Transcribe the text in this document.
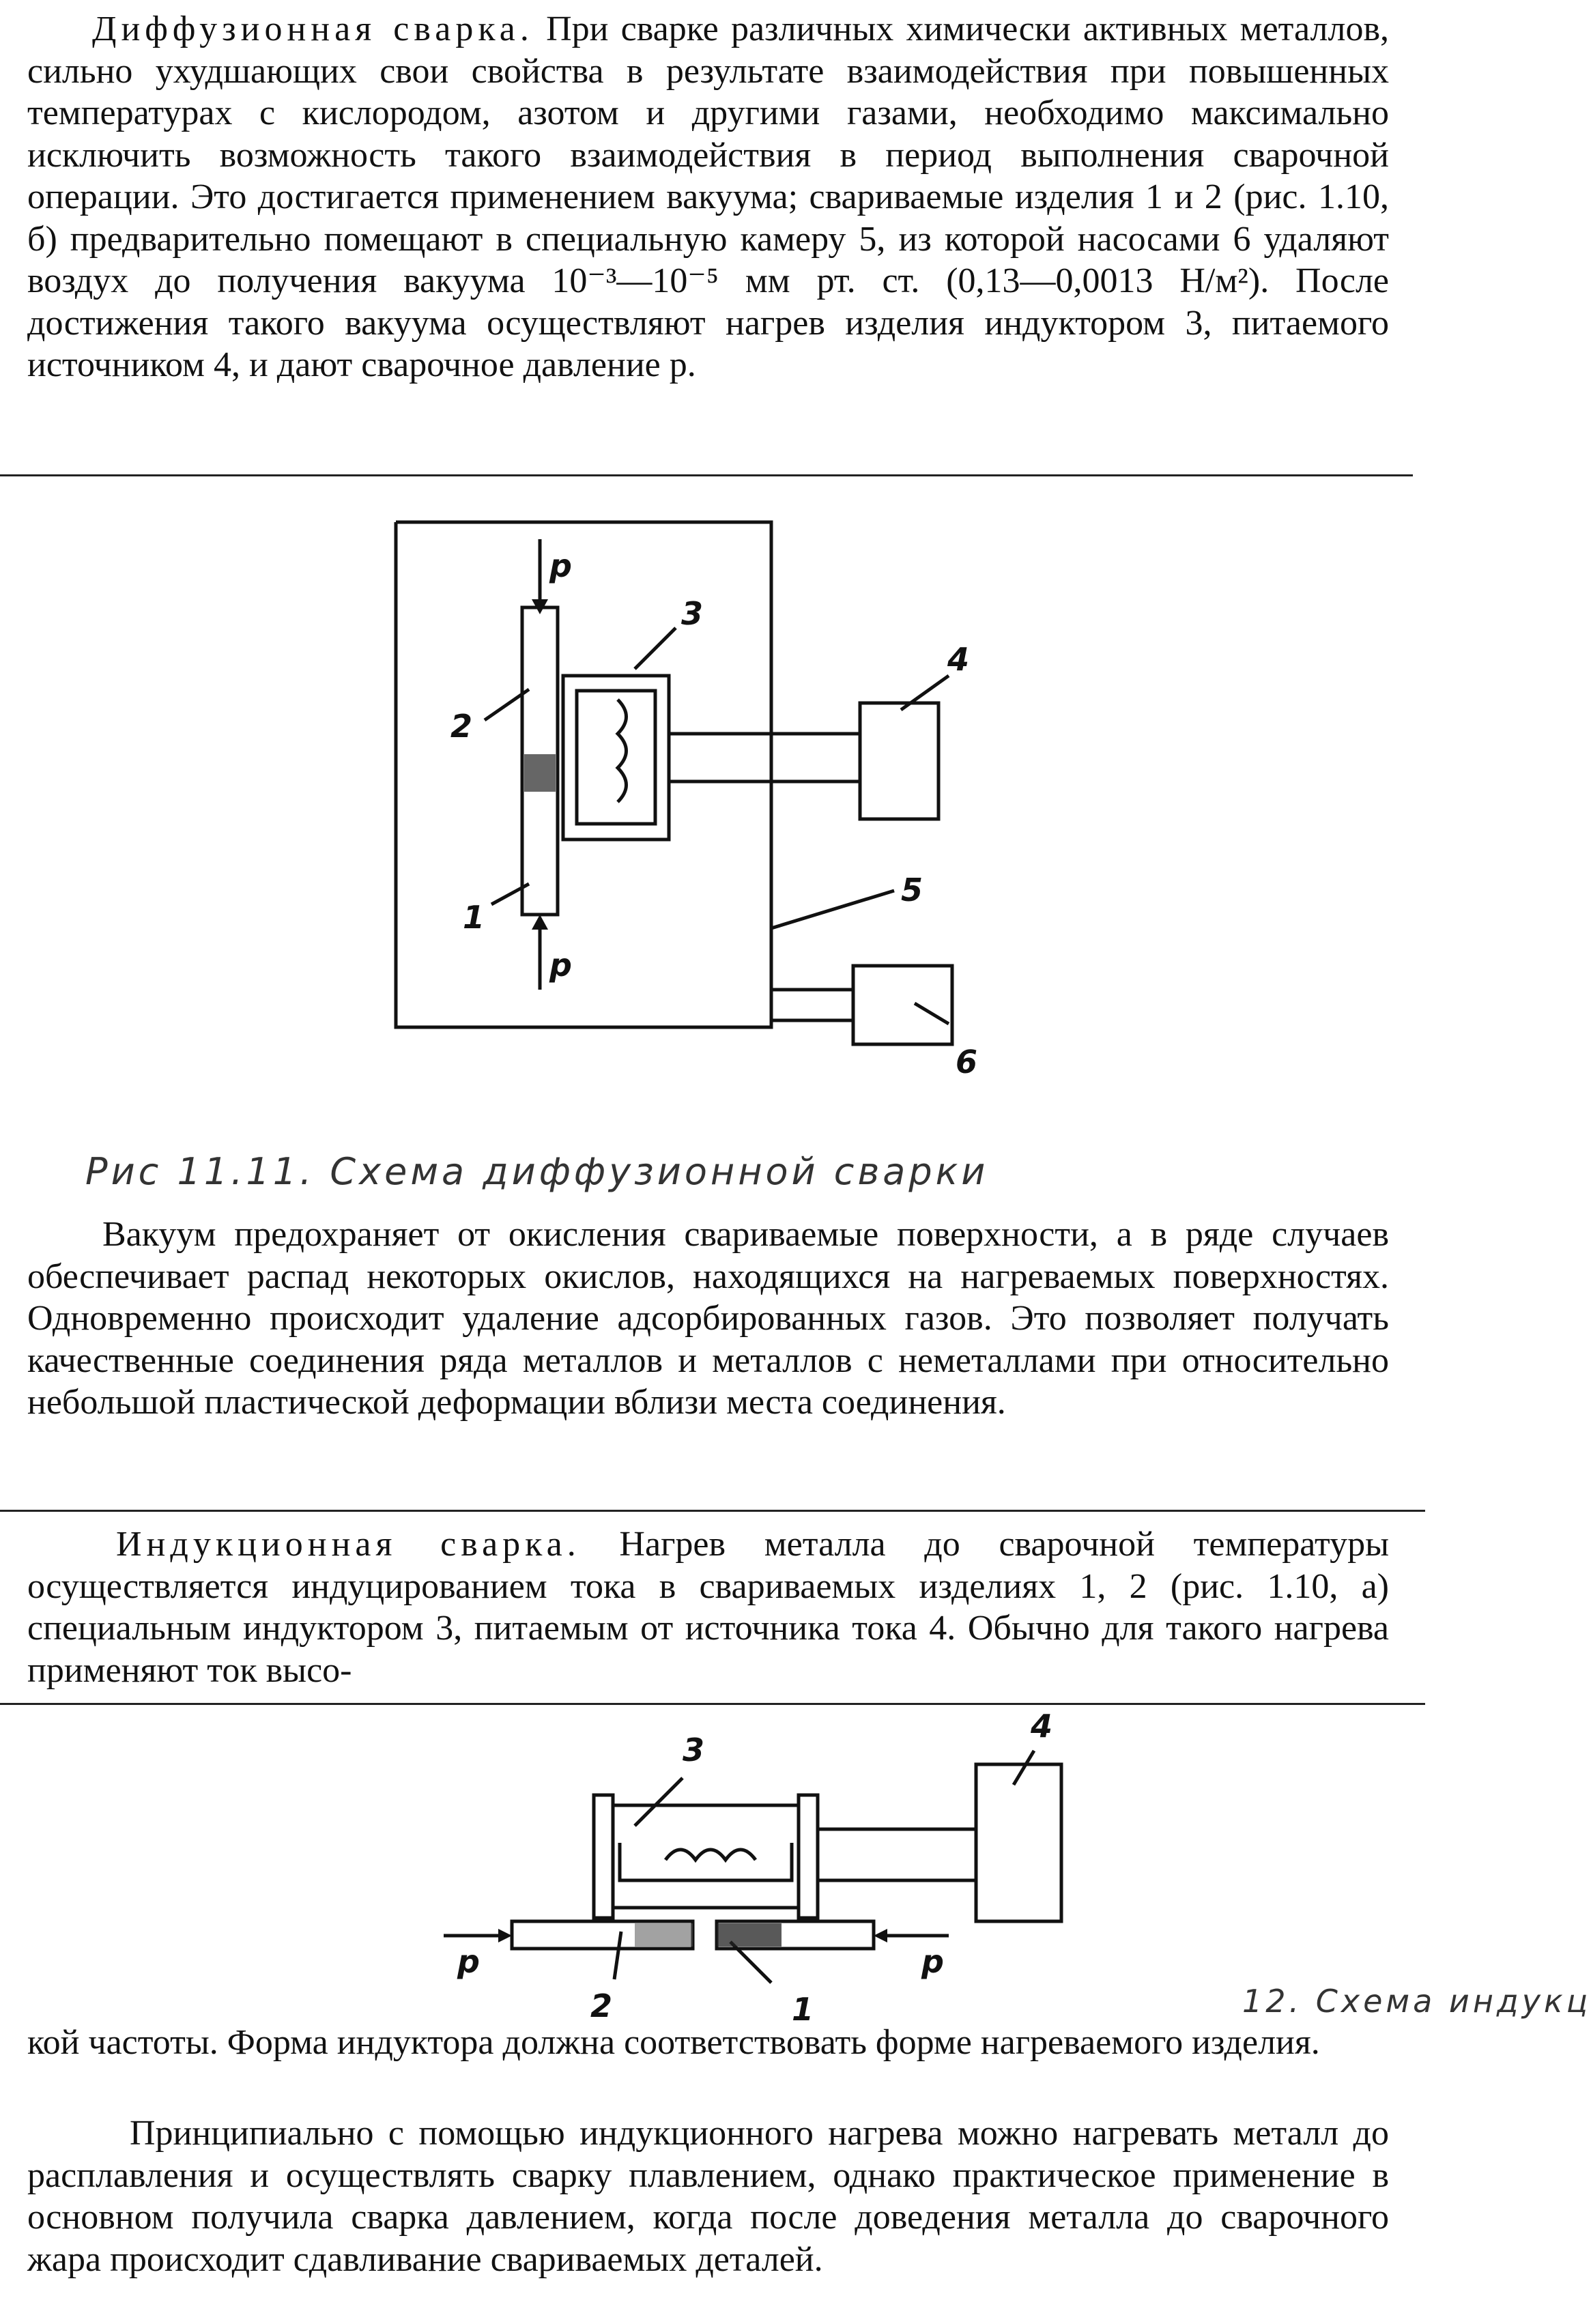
Диффузионная сварка. При сварке различных химически активных металлов, сильно ухудшающих свои свойства в результате взаимодействия при повышенных температурах с кислородом, азотом и другими газами, необходимо максимально исключить возможность такого взаимодействия в период выполнения сварочной операции. Это достигается применением вакуума; свариваемые изделия 1 и 2 (рис. 1.10, б) предварительно помещают в специальную камеру 5, из которой насосами 6 удаляют воздух до получения вакуума 10⁻³—10⁻⁵ мм рт. ст. (0,13—0,0013 Н/м²). После достижения такого вакуума осуществляют нагрев изделия индуктором 3, питаемого источником 4, и дают сварочное давление p.

p
p
3
4
5
6
2
1
Рис 11.11. Схема диффузионной сварки

Вакуум предохраняет от окисления свариваемые поверхности, а в ряде случаев обеспечивает распад некоторых окислов, находящихся на нагреваемых поверхностях. Одновременно происходит удаление адсорбированных газов. Это позволяет получать качественные соединения ряда металлов и металлов с неметаллами при относительно небольшой пластической деформации вблизи места соединения.

Индукционная сварка. Нагрев металла до сварочной температуры осуществляется индуцированием тока в свариваемых изделиях 1, 2 (рис. 1.10, а) специальным индуктором 3, питаемым от источника тока 4. Обычно для такого нагрева применяют ток высо-

3
4
p	p
2	1	12. Схема индукц

кой частоты. Форма индуктора должна соответствовать форме нагреваемого изделия.

Принципиально с помощью индукционного нагрева можно нагревать металл до расплавления и осуществлять сварку плавлением, однако практическое применение в основном получила сварка давлением, когда после доведения металла до сварочного жара происходит сдавливание свариваемых деталей.
